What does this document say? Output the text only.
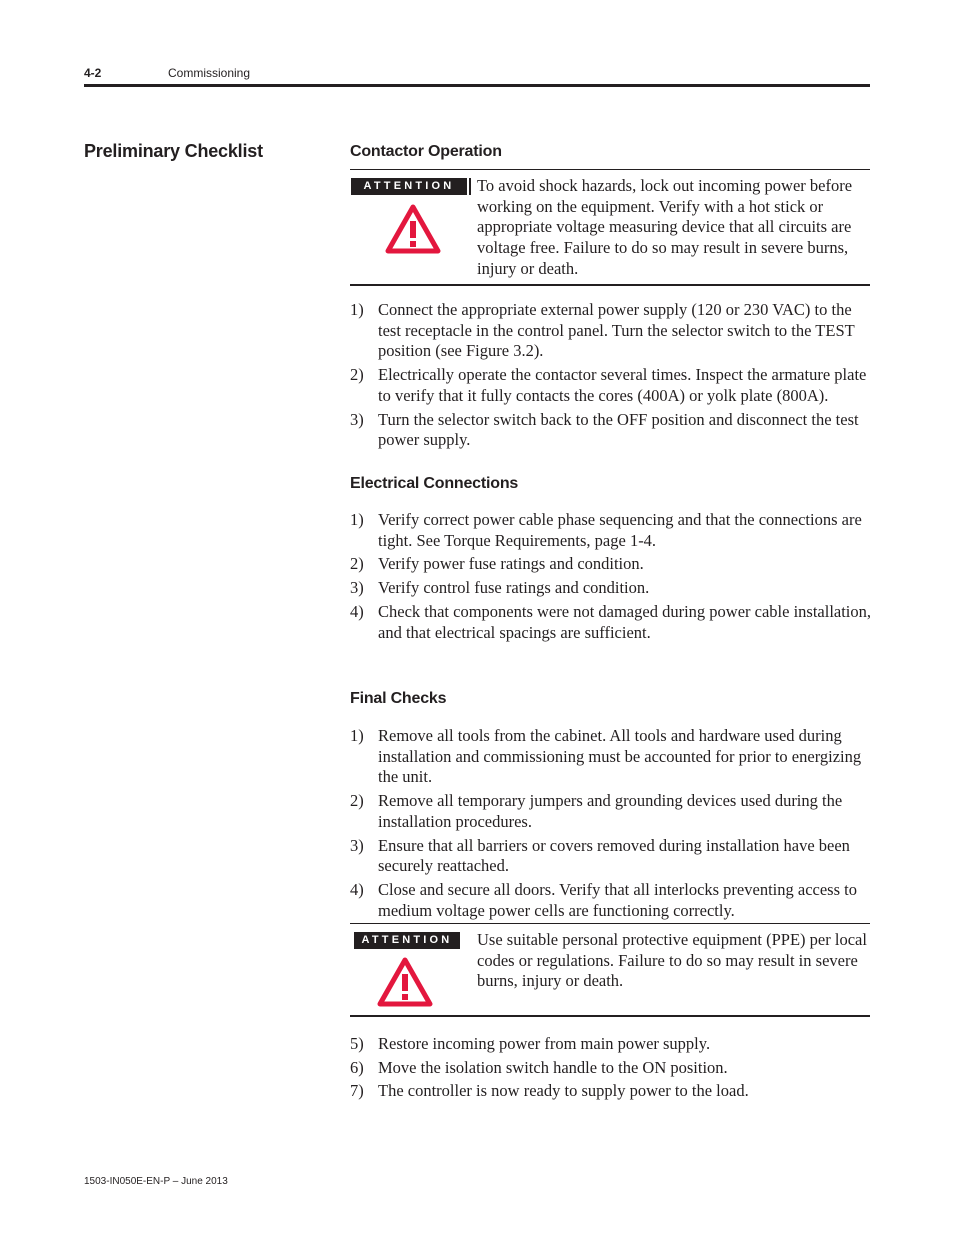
4-2	Commissioning
Preliminary Checklist	Contactor Operation
ATTENTION	To avoid shock hazards, lock out incoming power before working on the equipment. Verify with a hot stick or appropriate voltage measuring device that all circuits are voltage free. Failure to do so may result in severe burns, injury or death.
1) Connect the appropriate external power supply (120 or 230 VAC) to the test receptacle in the control panel. Turn the selector switch to the TEST position (see Figure 3.2).
2) Electrically operate the contactor several times. Inspect the armature plate to verify that it fully contacts the cores (400A) or yolk plate (800A).
3) Turn the selector switch back to the OFF position and disconnect the test power supply.
Electrical Connections
1) Verify correct power cable phase sequencing and that the connections are tight. See Torque Requirements, page 1-4.
2) Verify power fuse ratings and condition.
3) Verify control fuse ratings and condition.
4) Check that components were not damaged during power cable installation, and that electrical spacings are sufficient.
Final Checks
1) Remove all tools from the cabinet. All tools and hardware used during installation and commissioning must be accounted for prior to energizing the unit.
2) Remove all temporary jumpers and grounding devices used during the installation procedures.
3) Ensure that all barriers or covers removed during installation have been securely reattached.
4) Close and secure all doors. Verify that all interlocks preventing access to medium voltage power cells are functioning correctly.
ATTENTION	Use suitable personal protective equipment (PPE) per local codes or regulations. Failure to do so may result in severe burns, injury or death.
5) Restore incoming power from main power supply.
6) Move the isolation switch handle to the ON position.
7) The controller is now ready to supply power to the load.
1503-IN050E-EN-P – June 2013
